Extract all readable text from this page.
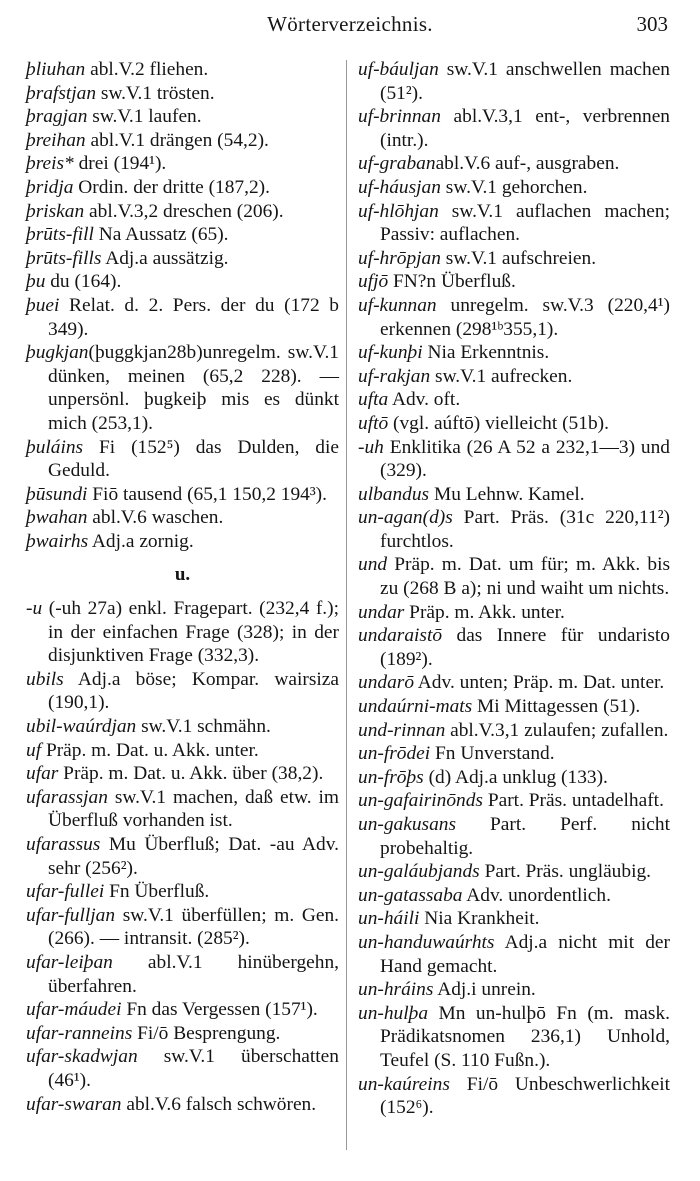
Wörterverzeichnis.	303

þliuhan abl.V.2 fliehen.

þrafstjan sw.V.1 trösten.

þragjan sw.V.1 laufen.

þreihan abl.V.1 drängen (54,2).

þreis* drei (194¹).

þridja Ordin. der dritte (187,2).

þriskan abl.V.3,2 dreschen (206).

þrūts-fill Na Aussatz (65).

þrūts-fills Adj.a aussätzig.

þu du (164).

þuei Relat. d. 2. Pers. der du (172 b 349).

þugkjan(þuggkjan28b)unregelm. sw.V.1 dünken, meinen (65,2 228). — unpersönl. þugkeiþ mis es dünkt mich (253,1).

þuláins Fi (152⁵) das Dulden, die Geduld.

þūsundi Fiō tausend (65,1 150,2 194³).

þwahan abl.V.6 waschen.

þwairhs Adj.a zornig.

u.

-u (-uh 27a) enkl. Fragepart. (232,4 f.); in der einfachen Frage (328); in der disjunktiven Frage (332,3).

ubils Adj.a böse; Kompar. wairsiza (190,1).

ubil-waúrdjan sw.V.1 schmähn.

uf Präp. m. Dat. u. Akk. unter.

ufar Präp. m. Dat. u. Akk. über (38,2).

ufarassjan sw.V.1 machen, daß etw. im Überfluß vorhanden ist.

ufarassus Mu Überfluß; Dat. -au Adv. sehr (256²).

ufar-fullei Fn Überfluß.

ufar-fulljan sw.V.1 überfüllen; m. Gen. (266). — intransit. (285²).

ufar-leiþan abl.V.1 hinübergehn, überfahren.

ufar-máudei Fn das Vergessen (157¹).

ufar-ranneins Fi/ō Besprengung.

ufar-skadwjan sw.V.1 überschatten (46¹).

ufar-swaran abl.V.6 falsch schwören.

uf-báuljan sw.V.1 anschwellen machen (51²).

uf-brinnan abl.V.3,1 ent-, verbrennen (intr.).

uf-grabanabl.V.6 auf-, ausgraben.

uf-háusjan sw.V.1 gehorchen.

uf-hlōhjan sw.V.1 auflachen machen; Passiv: auflachen.

uf-hrōpjan sw.V.1 aufschreien.

ufjō FN?n Überfluß.

uf-kunnan unregelm. sw.V.3 (220,4¹) erkennen (298¹ᵇ355,1).

uf-kunþi Nia Erkenntnis.

uf-rakjan sw.V.1 aufrecken.

ufta Adv. oft.

uftō (vgl. aúftō) vielleicht (51b).

-uh Enklitika (26 A 52 a 232,1—3) und (329).

ulbandus Mu Lehnw. Kamel.

un-agan(d)s Part. Präs. (31c 220,11²) furchtlos.

und Präp. m. Dat. um für; m. Akk. bis zu (268 B a); ni und waiht um nichts.

undar Präp. m. Akk. unter.

undaraistō das Innere für undaristo (189²).

undarō Adv. unten; Präp. m. Dat. unter.

undaúrni-mats Mi Mittagessen (51).

und-rinnan abl.V.3,1 zulaufen; zufallen.

un-frōdei Fn Unverstand.

un-frōþs (d) Adj.a unklug (133).

un-gafairinōnds Part. Präs. untadelhaft.

un-gakusans Part. Perf. nicht probehaltig.

un-galáubjands Part. Präs. ungläubig.

un-gatassaba Adv. unordentlich.

un-háili Nia Krankheit.

un-handuwaúrhts Adj.a nicht mit der Hand gemacht.

un-hráins Adj.i unrein.

un-hulþa Mn un-hulþō Fn (m. mask. Prädikatsnomen 236,1) Unhold, Teufel (S. 110 Fußn.).

un-kaúreins Fi/ō Unbeschwerlichkeit (152⁶).
